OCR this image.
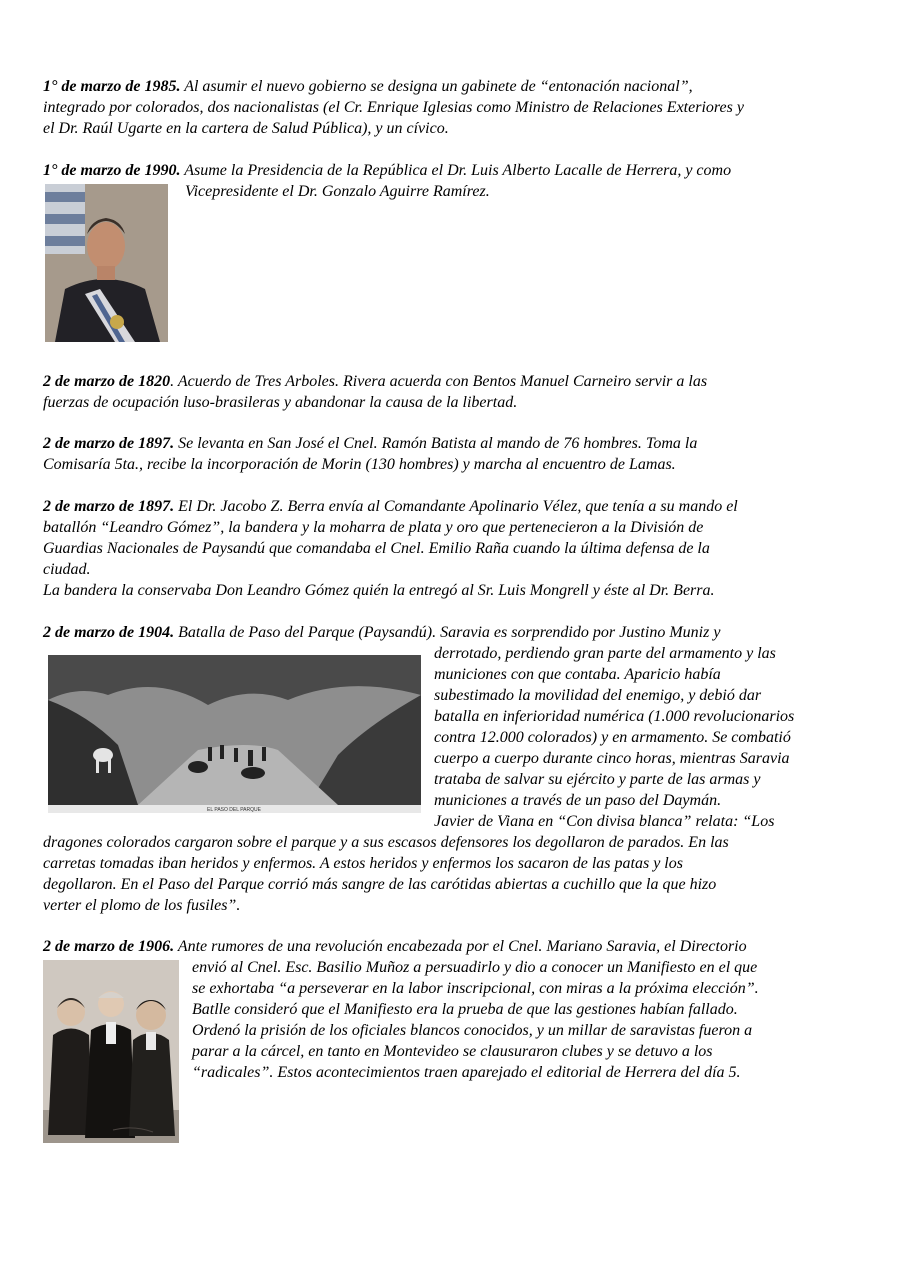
1° de marzo de 1985. Al asumir el nuevo gobierno se designa un gabinete de “entonación nacional”,
integrado por colorados, dos nacionalistas (el Cr. Enrique Iglesias como Ministro de Relaciones Exteriores y
el Dr. Raúl Ugarte en la cartera de Salud Pública), y un cívico.

1° de marzo de 1990. Asume la Presidencia de la República el Dr. Luis Alberto Lacalle de Herrera, y como
Vicepresidente el Dr. Gonzalo Aguirre Ramírez.

2 de marzo de 1820. Acuerdo de Tres Arboles. Rivera acuerda con Bentos Manuel Carneiro servir a las
fuerzas de ocupación luso-brasileras y abandonar la causa de la libertad.

2 de marzo de 1897. Se levanta en San José el Cnel. Ramón Batista al mando de 76 hombres. Toma la
Comisaría 5ta., recibe la incorporación de Morin (130 hombres) y marcha al encuentro de Lamas.

2 de marzo de 1897. El Dr. Jacobo Z. Berra envía al Comandante Apolinario Vélez, que tenía a su mando el
batallón “Leandro Gómez”, la bandera y la moharra de plata y oro que pertenecieron a la División de
Guardias Nacionales de Paysandú que comandaba el Cnel. Emilio Raña cuando la última defensa de la
ciudad.
La bandera la conservaba Don Leandro Gómez quién la entregó al Sr. Luis Mongrell y éste al Dr. Berra.

2 de marzo de 1904. Batalla de Paso del Parque (Paysandú). Saravia es sorprendido por Justino Muniz y
derrotado, perdiendo gran parte del armamento y las
municiones con que contaba. Aparicio había
subestimado la movilidad del enemigo, y debió dar
batalla en inferioridad numérica (1.000 revolucionarios
contra 12.000 colorados) y en armamento. Se combatió
cuerpo a cuerpo durante cinco horas, mientras Saravia
trataba de salvar su ejército y parte de las armas y
municiones a través de un paso del Daymán.
Javier de Viana en “Con divisa blanca” relata: “Los
dragones colorados cargaron sobre el parque y a sus escasos defensores los degollaron de parados. En las
carretas tomadas iban heridos y enfermos. A estos heridos y enfermos los sacaron de las patas y los
degollaron. En el Paso del Parque corrió más sangre de las carótidas abiertas a cuchillo que la que hizo
verter el plomo de los fusiles”.

EL PASO DEL PARQUE

2 de marzo de 1906. Ante rumores de una revolución encabezada por el Cnel. Mariano Saravia, el Directorio
envió al Cnel. Esc. Basilio Muñoz a persuadirlo y dio a conocer un Manifiesto en el que
se exhortaba “a perseverar en la labor inscripcional, con miras a la próxima elección”.
Batlle consideró que el Manifiesto era la prueba de que las gestiones habían fallado.
Ordenó la prisión de los oficiales blancos conocidos, y un millar de saravistas fueron a
parar a la cárcel, en tanto en Montevideo se clausuraron clubes y se detuvo a los
“radicales”. Estos acontecimientos traen aparejado el editorial de Herrera del día 5.
